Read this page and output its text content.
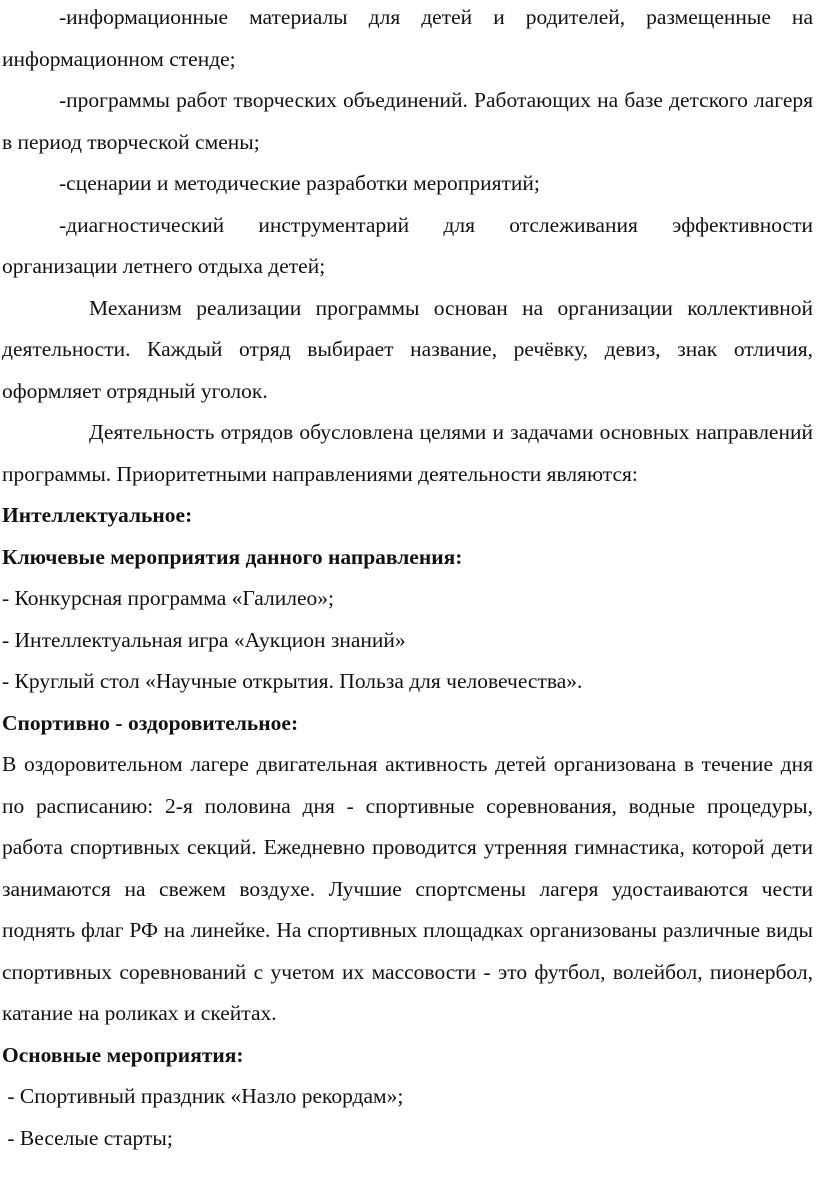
-информационные материалы для детей и родителей, размещенные на информационном стенде;

-программы работ творческих объединений. Работающих на базе детского лагеря в период творческой смены;

-сценарии и методические разработки мероприятий;

-диагностический инструментарий для отслеживания эффективности организации летнего отдыха детей;

Механизм реализации программы основан на организации коллективной деятельности. Каждый отряд выбирает название, речёвку, девиз, знак отличия, оформляет отрядный уголок.

Деятельность отрядов обусловлена целями и задачами основных направлений программы. Приоритетными направлениями деятельности являются:

Интеллектуальное:

Ключевые мероприятия данного направления:

- Конкурсная программа «Галилео»;

- Интеллектуальная игра «Аукцион знаний»

- Круглый стол «Научные открытия. Польза для человечества».

Спортивно - оздоровительное:

В оздоровительном лагере двигательная активность детей организована в течение дня по расписанию: 2-я половина дня - спортивные соревнования, водные процедуры, работа спортивных секций. Ежедневно проводится утренняя гимнастика, которой дети занимаются на свежем воздухе. Лучшие спортсмены лагеря удостаиваются чести поднять флаг РФ на линейке. На спортивных площадках организованы различные виды спортивных соревнований с учетом их массовости - это футбол, волейбол, пионербол, катание на роликах и скейтах.

Основные мероприятия:

- Спортивный праздник «Назло рекордам»;

- Веселые старты;
